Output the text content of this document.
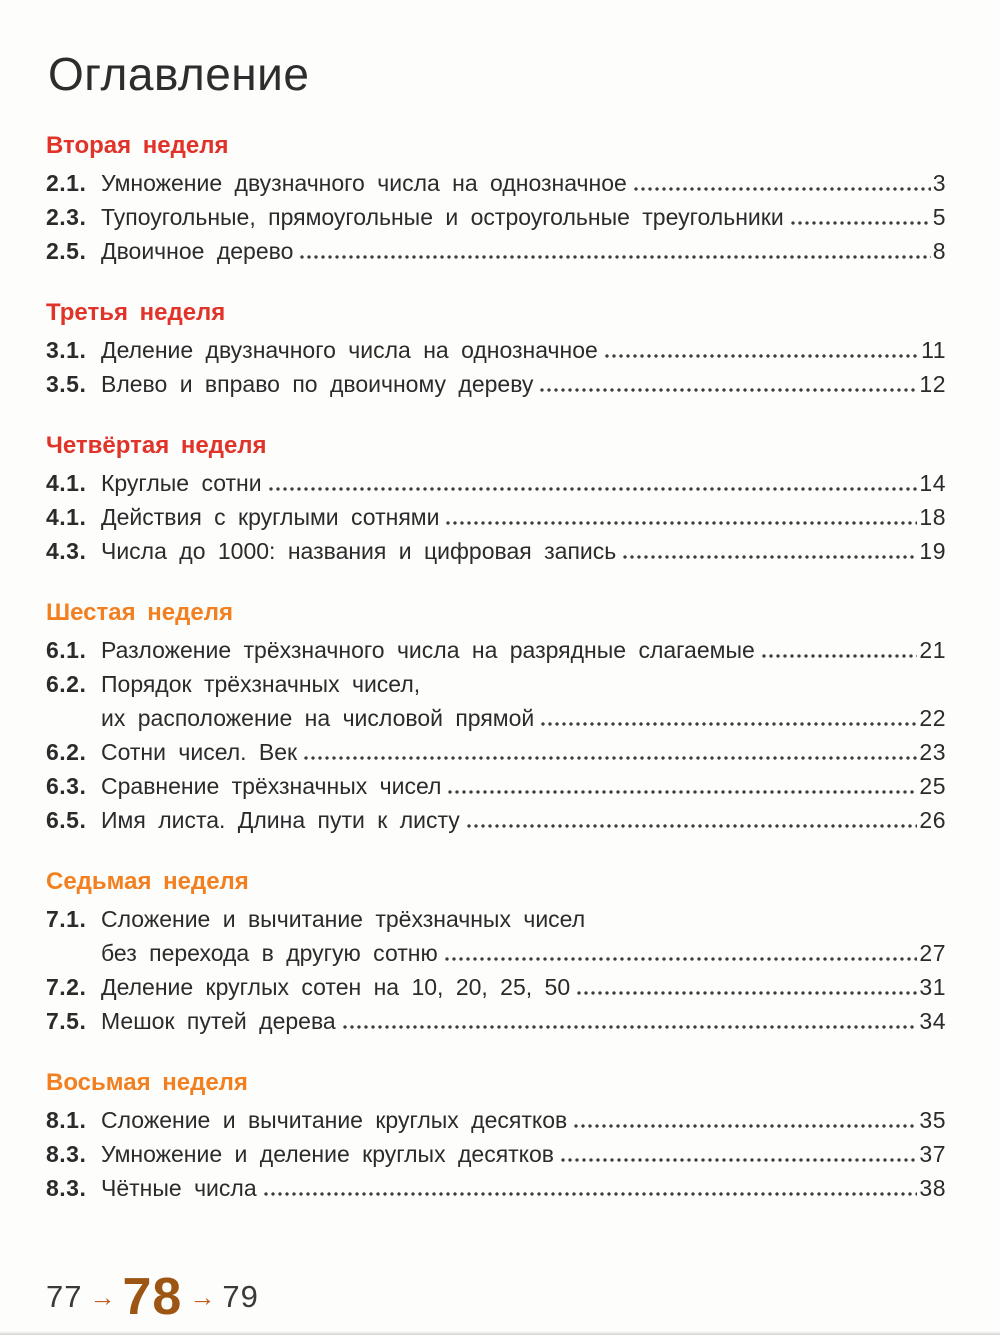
Оглавление
Вторая неделя
2.1. Умножение двузначного числа на однозначное	3
2.3. Тупоугольные, прямоугольные и остроугольные треугольники	5
2.5. Двоичное дерево	8
Третья неделя
3.1. Деление двузначного числа на однозначное	11
3.5. Влево и вправо по двоичному дереву	12
Четвёртая неделя
4.1. Круглые сотни	14
4.1. Действия с круглыми сотнями	18
4.3. Числа до 1000: названия и цифровая запись	19
Шестая неделя
6.1. Разложение трёхзначного числа на разрядные слагаемые	21
6.2. Порядок трёхзначных чисел,
их расположение на числовой прямой	22
6.2. Сотни чисел. Век	23
6.3. Сравнение трёхзначных чисел	25
6.5. Имя листа. Длина пути к листу	26
Седьмая неделя
7.1. Сложение и вычитание трёхзначных чисел
без перехода в другую сотню	27
7.2. Деление круглых сотен на 10, 20, 25, 50	31
7.5. Мешок путей дерева	34
Восьмая неделя
8.1. Сложение и вычитание круглых десятков	35
8.3. Умножение и деление круглых десятков	37
8.3. Чётные числа	38
77 → 78 → 79
